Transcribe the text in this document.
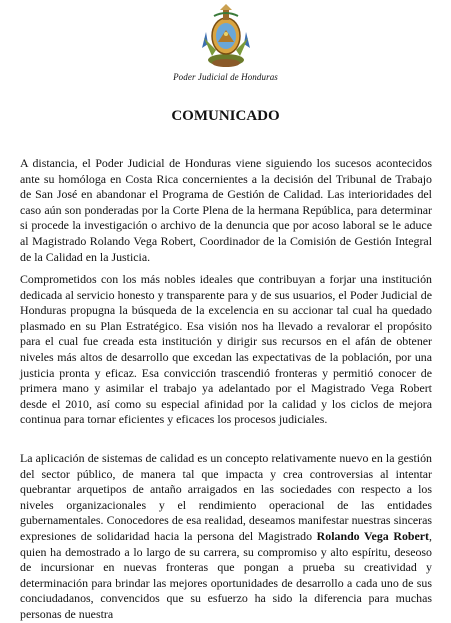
Poder Judicial de Honduras
COMUNICADO

A distancia, el Poder Judicial de Honduras viene siguiendo los sucesos acontecidos ante su homóloga en Costa Rica concernientes a la decisión del Tribunal de Trabajo de San José en abandonar el Programa de Gestión de Calidad. Las interioridades del caso aún son ponderadas por la Corte Plena de la hermana República, para determinar si procede la investigación o archivo de la denuncia que por acoso laboral se le aduce al Magistrado Rolando Vega Robert, Coordinador de la Comisión de Gestión Integral de la Calidad en la Justicia.

Comprometidos con los más nobles ideales que contribuyan a forjar una institución dedicada al servicio honesto y transparente para y de sus usuarios, el Poder Judicial de Honduras propugna la búsqueda de la excelencia en su accionar tal cual ha quedado plasmado en su Plan Estratégico. Esa visión nos ha llevado a revalorar el propósito para el cual fue creada esta institución y dirigir sus recursos en el afán de obtener niveles más altos de desarrollo que excedan las expectativas de la población, por una justicia pronta y eficaz. Esa convicción trascendió fronteras y permitió conocer de primera mano y asimilar el trabajo ya adelantado por el Magistrado Vega Robert desde el 2010, así como su especial afinidad por la calidad y los ciclos de mejora continua para tornar eficientes y eficaces los procesos judiciales.

La aplicación de sistemas de calidad es un concepto relativamente nuevo en la gestión del sector público, de manera tal que impacta y crea controversias al intentar quebrantar arquetipos de antaño arraigados en las sociedades con respecto a los niveles organizacionales y el rendimiento operacional de las entidades gubernamentales. Conocedores de esa realidad, deseamos manifestar nuestras sinceras expresiones de solidaridad hacia la persona del Magistrado Rolando Vega Robert, quien ha demostrado a lo largo de su carrera, su compromiso y alto espíritu, deseoso de incursionar en nuevas fronteras que pongan a prueba su creatividad y determinación para brindar las mejores oportunidades de desarrollo a cada uno de sus conciudadanos, convencidos que su esfuerzo ha sido la diferencia para muchas personas de nuestra
